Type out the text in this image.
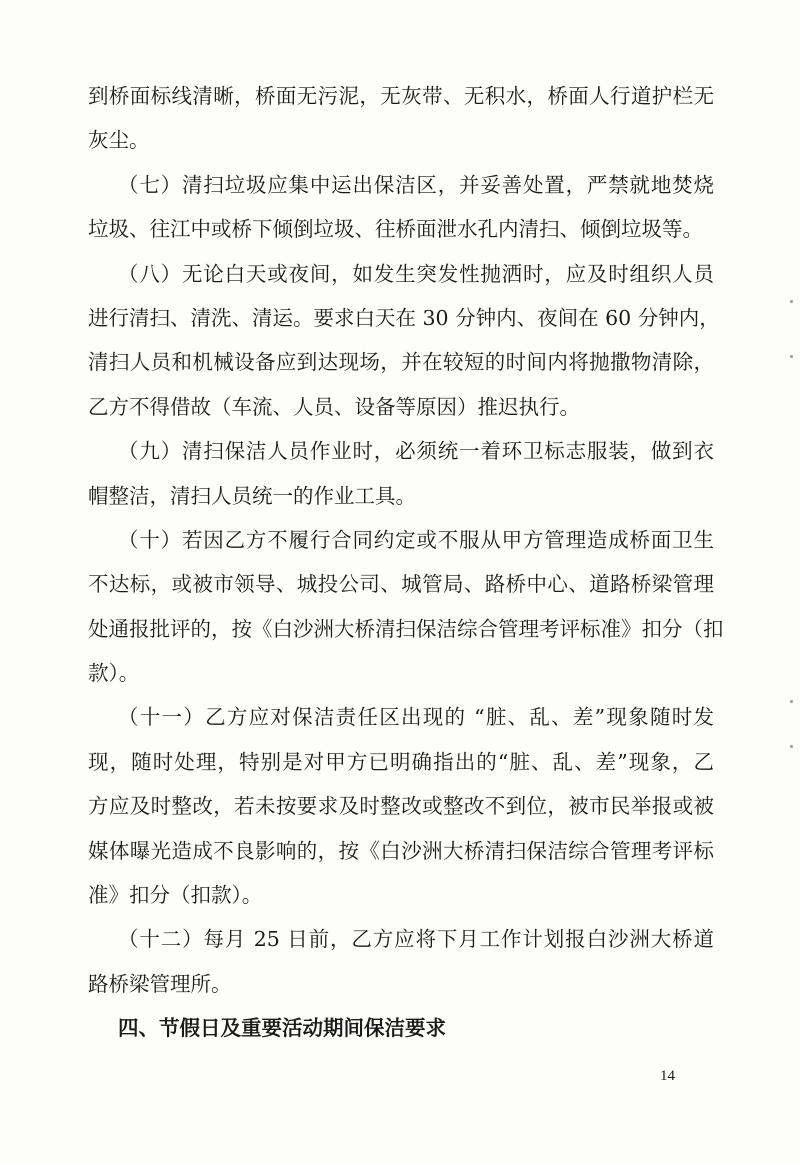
到桥面标线清晰，桥面无污泥，无灰带、无积水，桥面人行道护栏无
灰尘。
（七）清扫垃圾应集中运出保洁区，并妥善处置，严禁就地焚烧
垃圾、往江中或桥下倾倒垃圾、往桥面泄水孔内清扫、倾倒垃圾等。
（八）无论白天或夜间，如发生突发性抛洒时，应及时组织人员
进行清扫、清洗、清运。要求白天在 30 分钟内、夜间在 60 分钟内，
清扫人员和机械设备应到达现场，并在较短的时间内将抛撒物清除，
乙方不得借故（车流、人员、设备等原因）推迟执行。
（九）清扫保洁人员作业时，必须统一着环卫标志服装，做到衣
帽整洁，清扫人员统一的作业工具。
（十）若因乙方不履行合同约定或不服从甲方管理造成桥面卫生
不达标，或被市领导、城投公司、城管局、路桥中心、道路桥梁管理
处通报批评的，按《白沙洲大桥清扫保洁综合管理考评标准》扣分（扣
款）。
（十一）乙方应对保洁责任区出现的 “脏、乱、差”现象随时发
现，随时处理，特别是对甲方已明确指出的“脏、乱、差”现象，乙
方应及时整改，若未按要求及时整改或整改不到位，被市民举报或被
媒体曝光造成不良影响的，按《白沙洲大桥清扫保洁综合管理考评标
准》扣分（扣款）。
（十二）每月 25 日前，乙方应将下月工作计划报白沙洲大桥道
路桥梁管理所。
四、节假日及重要活动期间保洁要求
14
